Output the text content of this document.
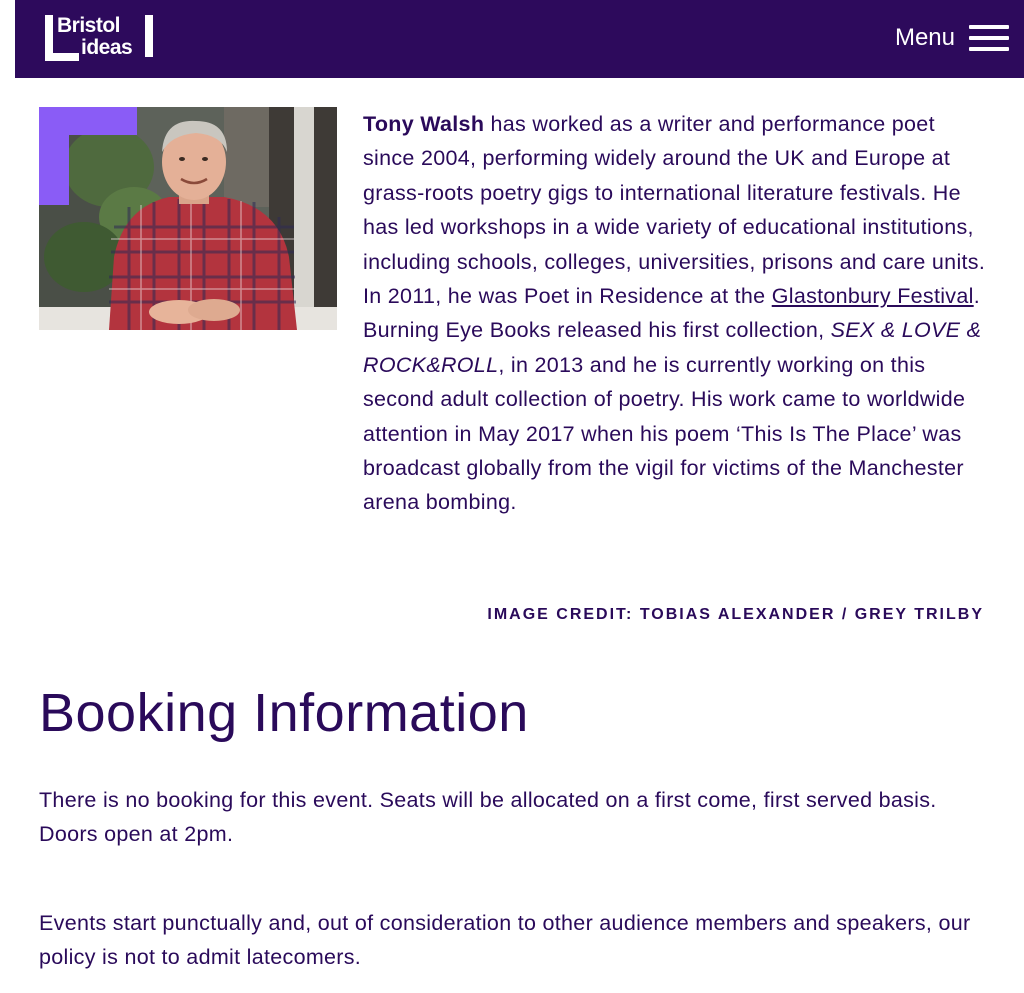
Bristol
ideas	Menu

Tony Walsh has worked as a writer and performance poet since 2004, performing widely around the UK and Europe at grass-roots poetry gigs to international literature festivals. He has led workshops in a wide variety of educational institutions, including schools, colleges, universities, prisons and care units. In 2011, he was Poet in Residence at the Glastonbury Festival. Burning Eye Books released his first collection, SEX & LOVE & ROCK&ROLL, in 2013 and he is currently working on this second adult collection of poetry. His work came to worldwide attention in May 2017 when his poem ‘This Is The Place’ was broadcast globally from the vigil for victims of the Manchester arena bombing.

IMAGE CREDIT: TOBIAS ALEXANDER / GREY TRILBY
Booking Information

There is no booking for this event. Seats will be allocated on a first come, first served basis. Doors open at 2pm.

Events start punctually and, out of consideration to other audience members and speakers, our policy is not to admit latecomers.
